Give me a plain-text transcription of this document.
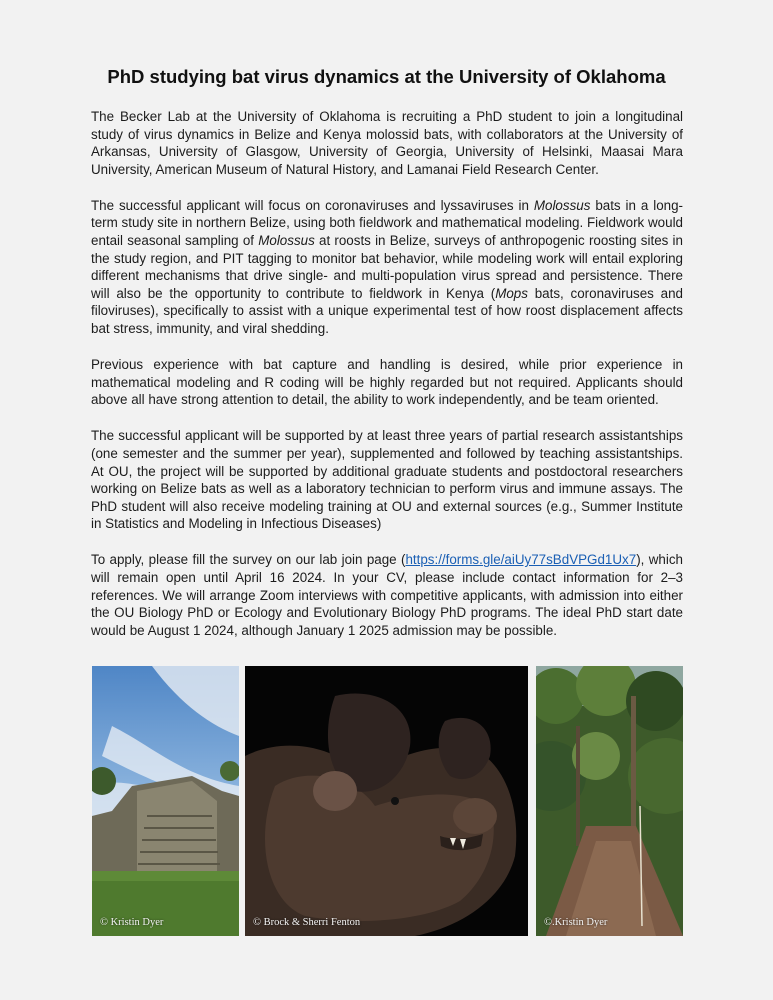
PhD studying bat virus dynamics at the University of Oklahoma

The Becker Lab at the University of Oklahoma is recruiting a PhD student to join a longitudinal study of virus dynamics in Belize and Kenya molossid bats, with collaborators at the University of Arkansas, University of Glasgow, University of Georgia, University of Helsinki, Maasai Mara University, American Museum of Natural History, and Lamanai Field Research Center.

The successful applicant will focus on coronaviruses and lyssaviruses in Molossus bats in a long-term study site in northern Belize, using both fieldwork and mathematical modeling. Fieldwork would entail seasonal sampling of Molossus at roosts in Belize, surveys of anthropogenic roosting sites in the study region, and PIT tagging to monitor bat behavior, while modeling work will entail exploring different mechanisms that drive single- and multi-population virus spread and persistence. There will also be the opportunity to contribute to fieldwork in Kenya (Mops bats, coronaviruses and filoviruses), specifically to assist with a unique experimental test of how roost displacement affects bat stress, immunity, and viral shedding.

Previous experience with bat capture and handling is desired, while prior experience in mathematical modeling and R coding will be highly regarded but not required. Applicants should above all have strong attention to detail, the ability to work independently, and be team oriented.

The successful applicant will be supported by at least three years of partial research assistantships (one semester and the summer per year), supplemented and followed by teaching assistantships. At OU, the project will be supported by additional graduate students and postdoctoral researchers working on Belize bats as well as a laboratory technician to perform virus and immune assays. The PhD student will also receive modeling training at OU and external sources (e.g., Summer Institute in Statistics and Modeling in Infectious Diseases)

To apply, please fill the survey on our lab join page (https://forms.gle/aiUy77sBdVPGd1Ux7), which will remain open until April 16 2024. In your CV, please include contact information for 2–3 references. We will arrange Zoom interviews with competitive applicants, with admission into either the OU Biology PhD or Ecology and Evolutionary Biology PhD programs. The ideal PhD start date would be August 1 2024, although January 1 2025 admission may be possible.

© Kristin Dyer	© Brock & Sherri Fenton	©.Kristin Dyer
